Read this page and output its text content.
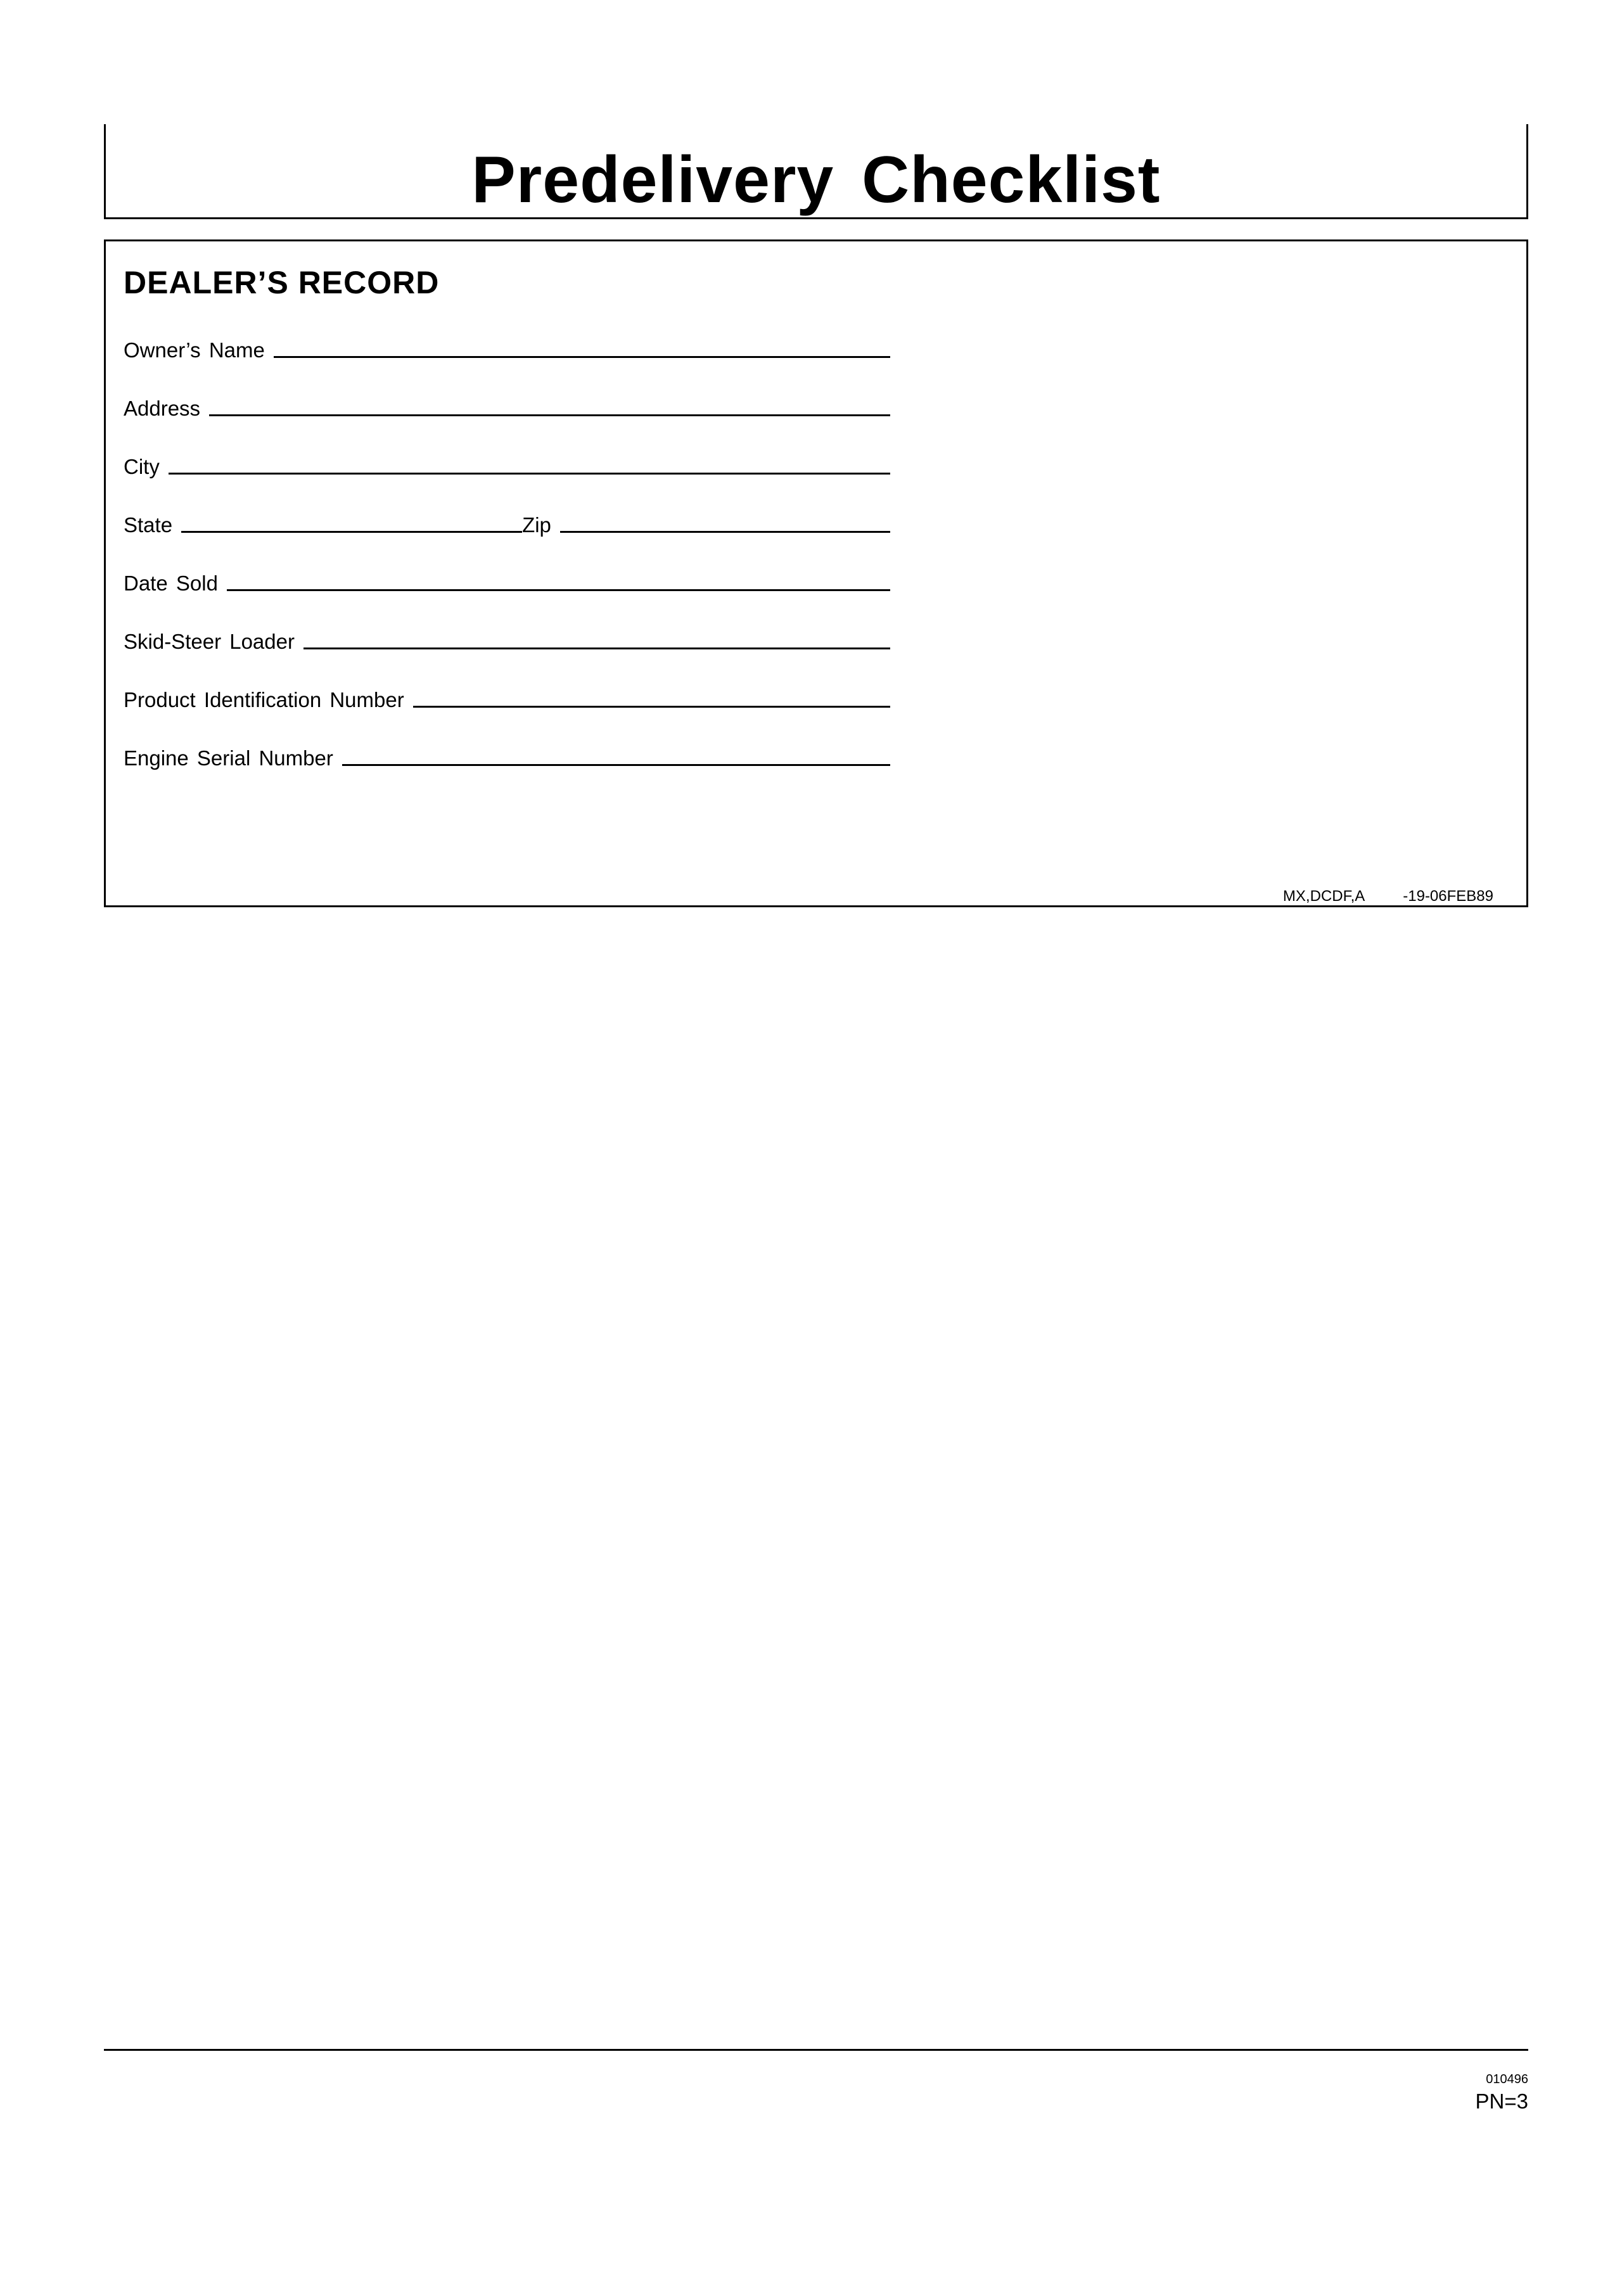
Predelivery Checklist
DEALER’S RECORD
Owner’s Name
Address
City
State	Zip
Date Sold
Skid-Steer Loader
Product Identification Number
Engine Serial Number
MX,DCDF,A	-19-06FEB89
010496
PN=3
